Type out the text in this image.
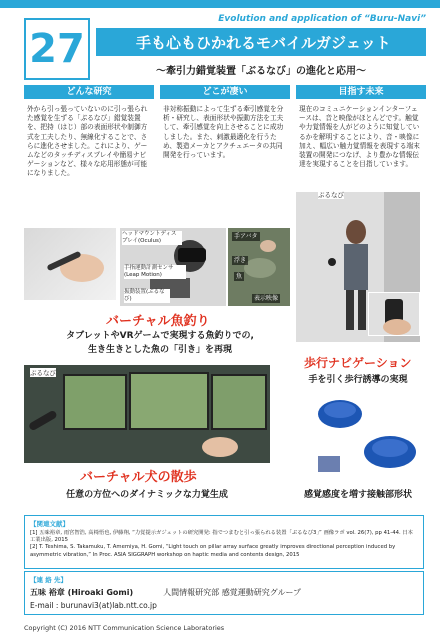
27
Evolution and application of “Buru-Navi”
手も心もひかれるモバイルガジェット
～牽引力錯覚装置「ぶるなび」の進化と応用～
どんな研究
外から引っ張っていないのに引っ張られた感覚を生ずる「ぶるなび」錯覚装置を、把持（はじ）部の表面形状や制御方式を工夫したり、無線化することで、さらに進化させました。これにより、ゲームなどのタッチディスプレイや簡易ナビゲーションなど、様々な応用形態が可能になりました。
どこが凄い
非対称振動によって生ずる牽引感覚を分析・研究し、表面形状や振動方法を工夫して、牽引感覚を向上させることに成功しました。また、刺激最適化を行うため、製造メーカとアクチュエータの共同開発を行っています。
目指す未来
現在のコミュニケーションインターフェースは、音と映像がほとんどです。触覚や力覚情報を人がどのように知覚しているかを解明することにより、音・映像に加え、幅広い触力覚情報を表現する端末装置の開発につなげ、より豊かな情報伝達を実現することを目指しています。
ヘッドマウントディスプレイ(Oculus)
手指運動計測センサ(Leap Motion)
振動装置(ぶるなび)
手アバタ
浮き
魚
表示映像
ぶるなび
バーチャル魚釣り
タブレットやVRゲームで実現する魚釣りでの,
生き生きとした魚の「引き」を再現
歩行ナビゲーション
手を引く歩行誘導の実現
ぶるなび
バーチャル犬の散歩
任意の方位へのダイナミックな力覚生成	感覚感度を増す接触部形状
【関連文献】

[1] 五味裕章, 雨宮智浩, 高椅悟也, 伊藤翔, “力覚提示ガジェットの研究開発: 指でつまむと引っ張られる装置「ぶるなび3」” 画像ラボ vol. 26(7), pp 41-44. 日本工業出版, 2015

[2] T. Teshima, S. Takamuku, T. Amemiya, H. Gomi, “Light touch on pillar array surface greatly improves directional perception induced by asymmetric vibration,” In Proc. ASIA SIGGRAPH workshop on haptic media and contents design, 2015

【連 絡 先】
五味 裕章 (Hiroaki Gomi)	人間情報研究部 感覚運動研究グループ
E-mail : burunavi3(at)lab.ntt.co.jp
Copyright (C) 2016 NTT Communication Science Laboratories
